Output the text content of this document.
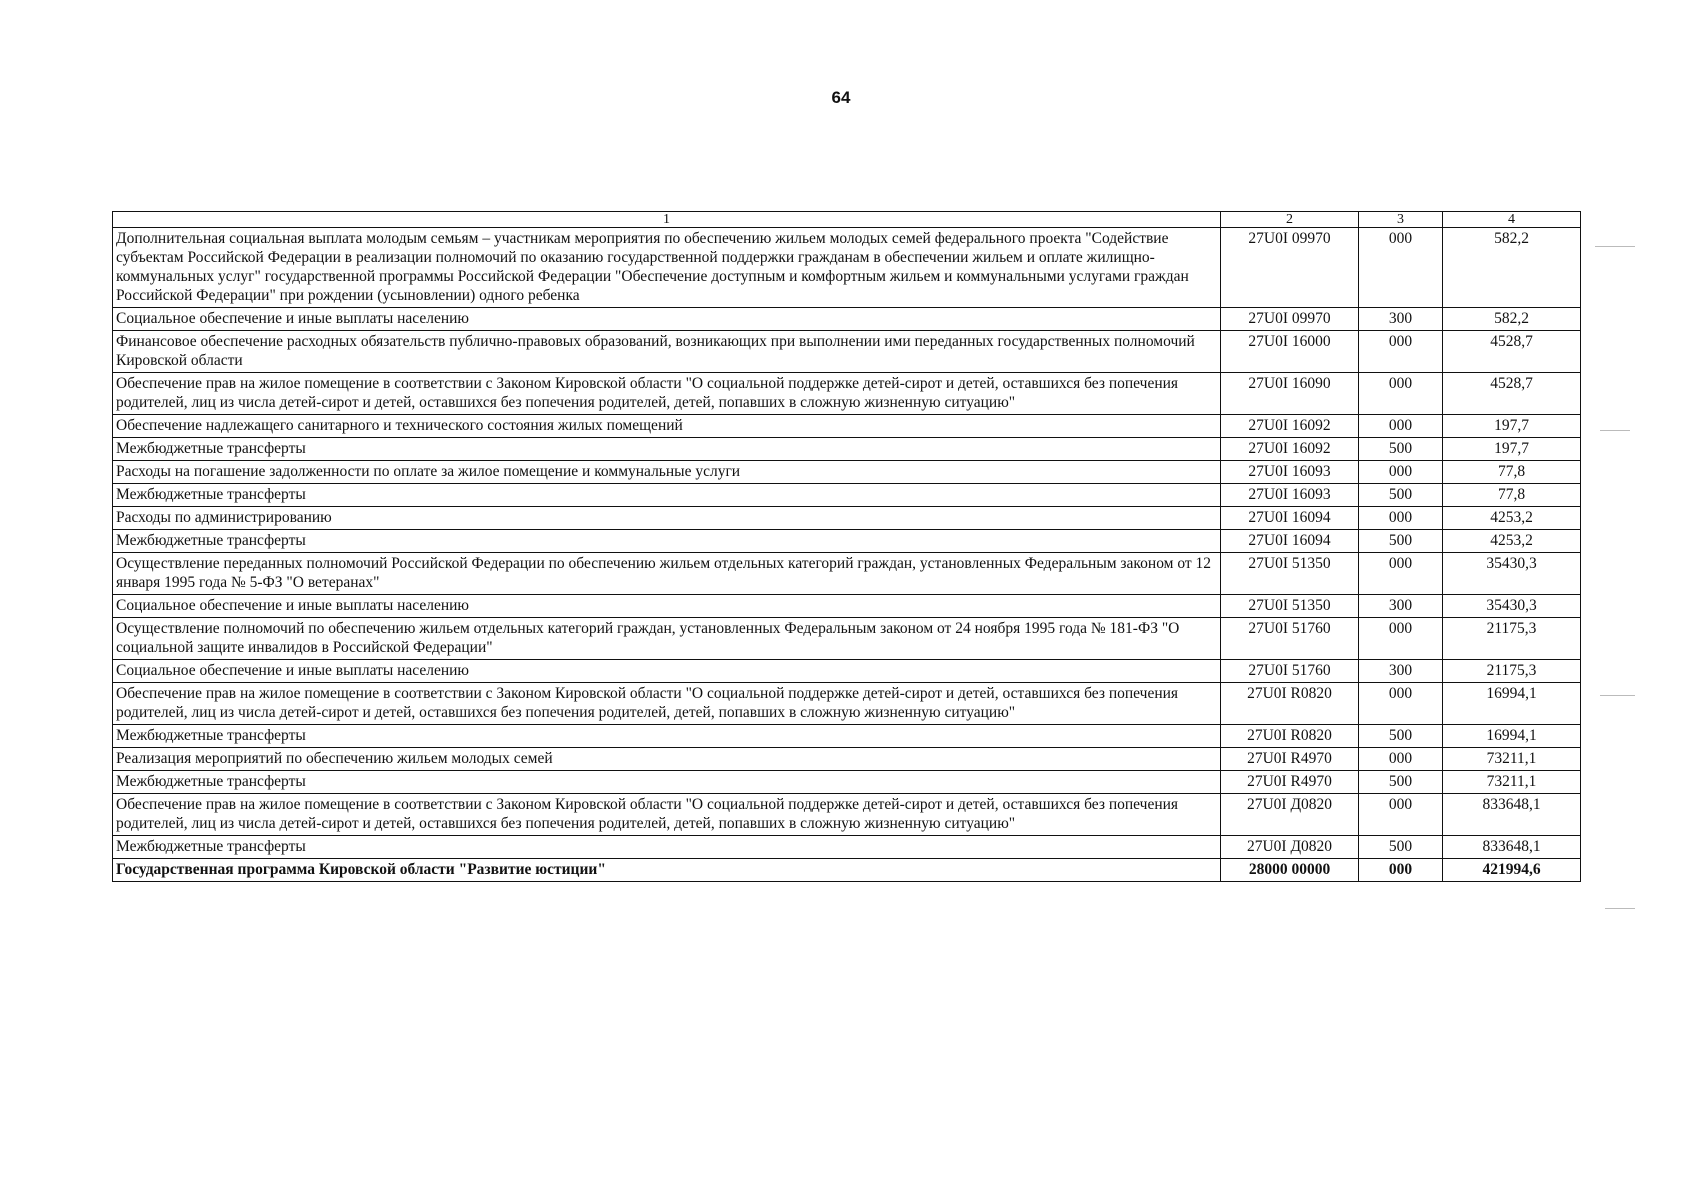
64
1	2	3	4
Дополнительная социальная выплата молодым семьям – участникам мероприятия по обеспечению жильем молодых семей федерального проекта "Содействие субъектам Российской Федерации в реализации полномочий по оказанию государственной поддержки гражданам в обеспечении жильем и оплате жилищно-коммунальных услуг" государственной программы Российской Федерации "Обеспечение доступным и комфортным жильем и коммунальными услугами граждан Российской Федерации" при рождении (усыновлении) одного ребенка	27U0I 09970	000	582,2
Социальное обеспечение и иные выплаты населению	27U0I 09970	300	582,2
Финансовое обеспечение расходных обязательств публично-правовых образований, возникающих при выполнении ими переданных государственных полномочий Кировской области	27U0I 16000	000	4528,7
Обеспечение прав на жилое помещение в соответствии с Законом Кировской области "О социальной поддержке детей-сирот и детей, оставшихся без попечения родителей, лиц из числа детей-сирот и детей, оставшихся без попечения родителей, детей, попавших в сложную жизненную ситуацию"	27U0I 16090	000	4528,7
Обеспечение надлежащего санитарного и технического состояния жилых помещений	27U0I 16092	000	197,7
Межбюджетные трансферты	27U0I 16092	500	197,7
Расходы на погашение задолженности по оплате за жилое помещение и коммунальные услуги	27U0I 16093	000	77,8
Межбюджетные трансферты	27U0I 16093	500	77,8
Расходы по администрированию	27U0I 16094	000	4253,2
Межбюджетные трансферты	27U0I 16094	500	4253,2
Осуществление переданных полномочий Российской Федерации по обеспечению жильем отдельных категорий граждан, установленных Федеральным законом от 12 января 1995 года № 5-ФЗ "О ветеранах"	27U0I 51350	000	35430,3
Социальное обеспечение и иные выплаты населению	27U0I 51350	300	35430,3
Осуществление полномочий по обеспечению жильем отдельных категорий граждан, установленных Федеральным законом от 24 ноября 1995 года № 181-ФЗ "О социальной защите инвалидов в Российской Федерации"	27U0I 51760	000	21175,3
Социальное обеспечение и иные выплаты населению	27U0I 51760	300	21175,3
Обеспечение прав на жилое помещение в соответствии с Законом Кировской области "О социальной поддержке детей-сирот и детей, оставшихся без попечения родителей, лиц из числа детей-сирот и детей, оставшихся без попечения родителей, детей, попавших в сложную жизненную ситуацию"	27U0I R0820	000	16994,1
Межбюджетные трансферты	27U0I R0820	500	16994,1
Реализация мероприятий по обеспечению жильем молодых семей	27U0I R4970	000	73211,1
Межбюджетные трансферты	27U0I R4970	500	73211,1
Обеспечение прав на жилое помещение в соответствии с Законом Кировской области "О социальной поддержке детей-сирот и детей, оставшихся без попечения родителей, лиц из числа детей-сирот и детей, оставшихся без попечения родителей, детей, попавших в сложную жизненную ситуацию"	27U0I Д0820	000	833648,1
Межбюджетные трансферты	27U0I Д0820	500	833648,1
Государственная программа Кировской области "Развитие юстиции"	28000 00000	000	421994,6
